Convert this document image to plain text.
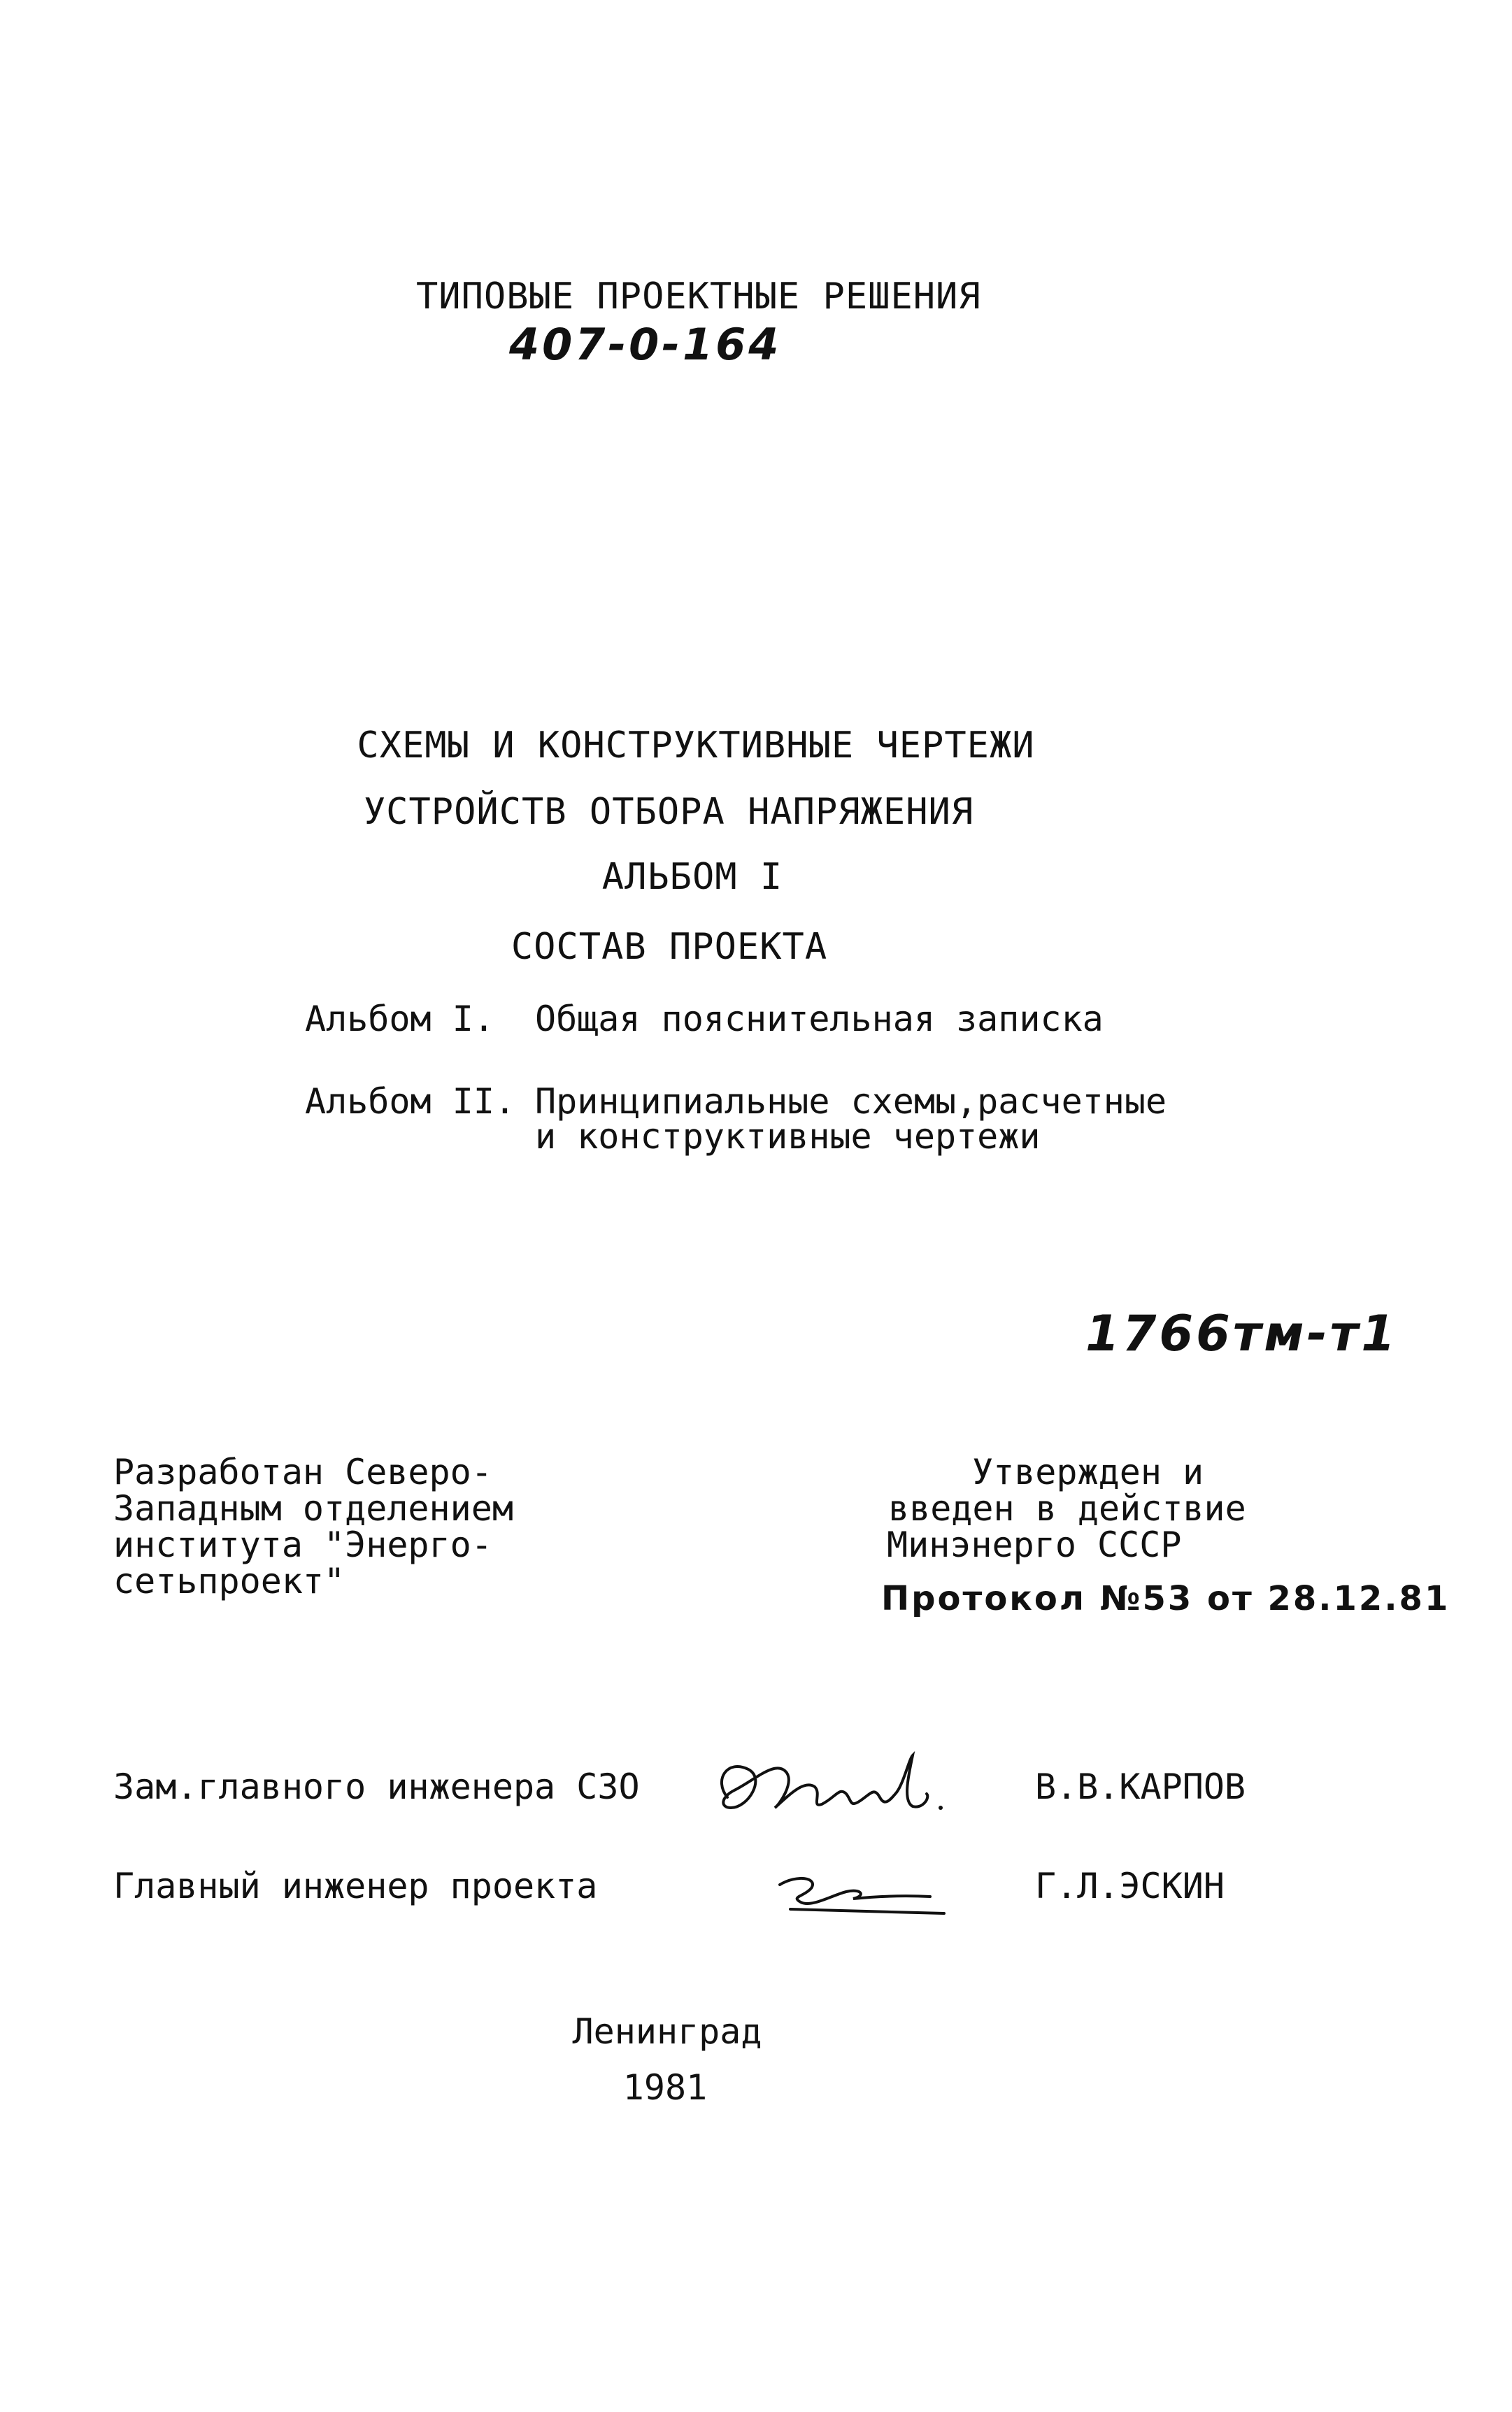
ТИПОВЫЕ ПРОЕКТНЫЕ РЕШЕНИЯ
407-0-164
СХЕМЫ И КОНСТРУКТИВНЫЕ ЧЕРТЕЖИ
УСТРОЙСТВ ОТБОРА НАПРЯЖЕНИЯ
АЛЬБОМ I
СОСТАВ ПРОЕКТА
Альбом I. Общая пояснительная записка
Альбом II. Принципиальные схемы,расчетные
и конструктивные чертежи
1766тм-т1
Разработан Северо-
Западным отделением
института "Энерго-
сетьпроект"
Утвержден и
введен в действие
Минэнерго СССР
Протокол №53 от 28.12.81
Зам.главного инженера СЗО	В.В.КАРПОВ
Главный инженер проекта	Г.Л.ЭСКИН
Ленинград
1981
